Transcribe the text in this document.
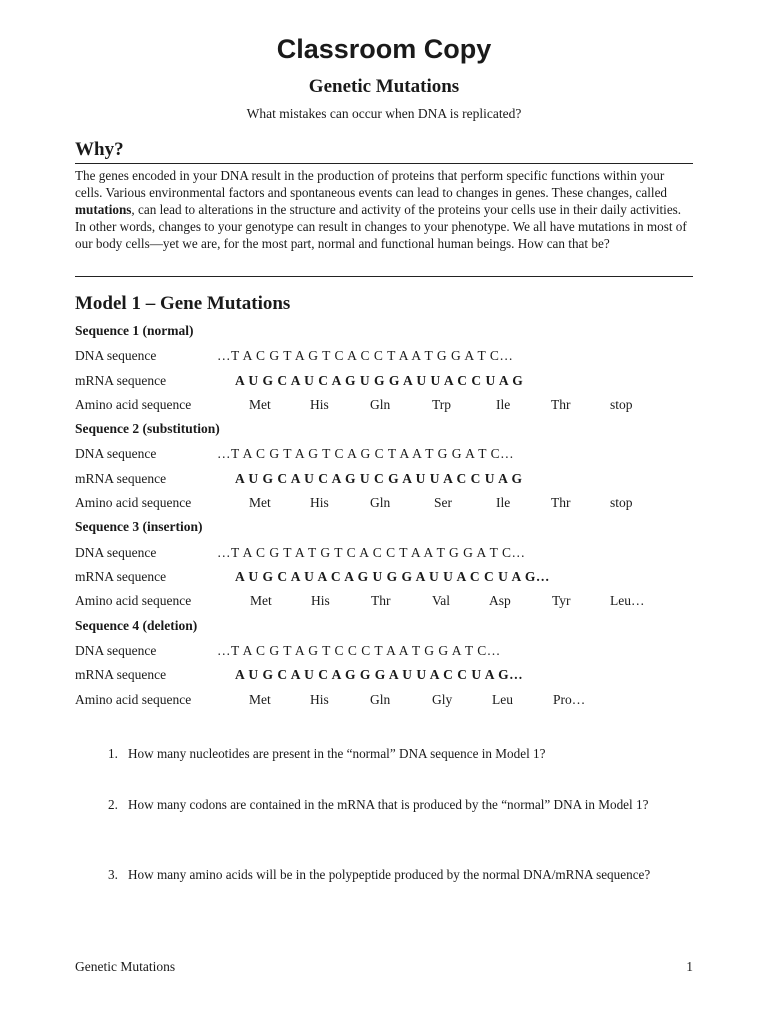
Classroom Copy
Genetic Mutations
What mistakes can occur when DNA is replicated?
Why?
The genes encoded in your DNA result in the production of proteins that perform specific functions within your cells. Various environmental factors and spontaneous events can lead to changes in genes. These changes, called mutations, can lead to alterations in the structure and activity of the proteins your cells use in their daily activities. In other words, changes to your genotype can result in changes to your phenotype. We all have mutations in most of our body cells—yet we are, for the most part, normal and functional human beings. How can that be?
Model 1 – Gene Mutations
Sequence 1 (normal)
DNA sequence	…T A C G T A G T C A C C T A A T G G A T C…
mRNA sequence	A U G C A U C A G U G G A U U A C C U A G
Amino acid sequence	Met	His	Gln	Trp	Ile	Thr	stop
Sequence 2 (substitution)
DNA sequence	…T A C G T A G T C A G C T A A T G G A T C…
mRNA sequence	A U G C A U C A G U C G A U U A C C U A G
Amino acid sequence	Met	His	Gln	Ser	Ile	Thr	stop
Sequence 3 (insertion)
DNA sequence	…T A C G T A T G T C A C C T A A T G G A T C…
mRNA sequence	A U G C A U A C A G U G G A U U A C C U A G…
Amino acid sequence	Met	His	Thr	Val	Asp	Tyr	Leu…
Sequence 4 (deletion)
DNA sequence	…T A C G T A G T C C C T A A T G G A T C…
mRNA sequence	A U G C A U C A G G G A U U A C C U A G…
Amino acid sequence	Met	His	Gln	Gly	Leu	Pro…
1. How many nucleotides are present in the “normal” DNA sequence in Model 1?
2. How many codons are contained in the mRNA that is produced by the “normal” DNA in Model 1?
3. How many amino acids will be in the polypeptide produced by the normal DNA/mRNA sequence?
Genetic Mutations	1
